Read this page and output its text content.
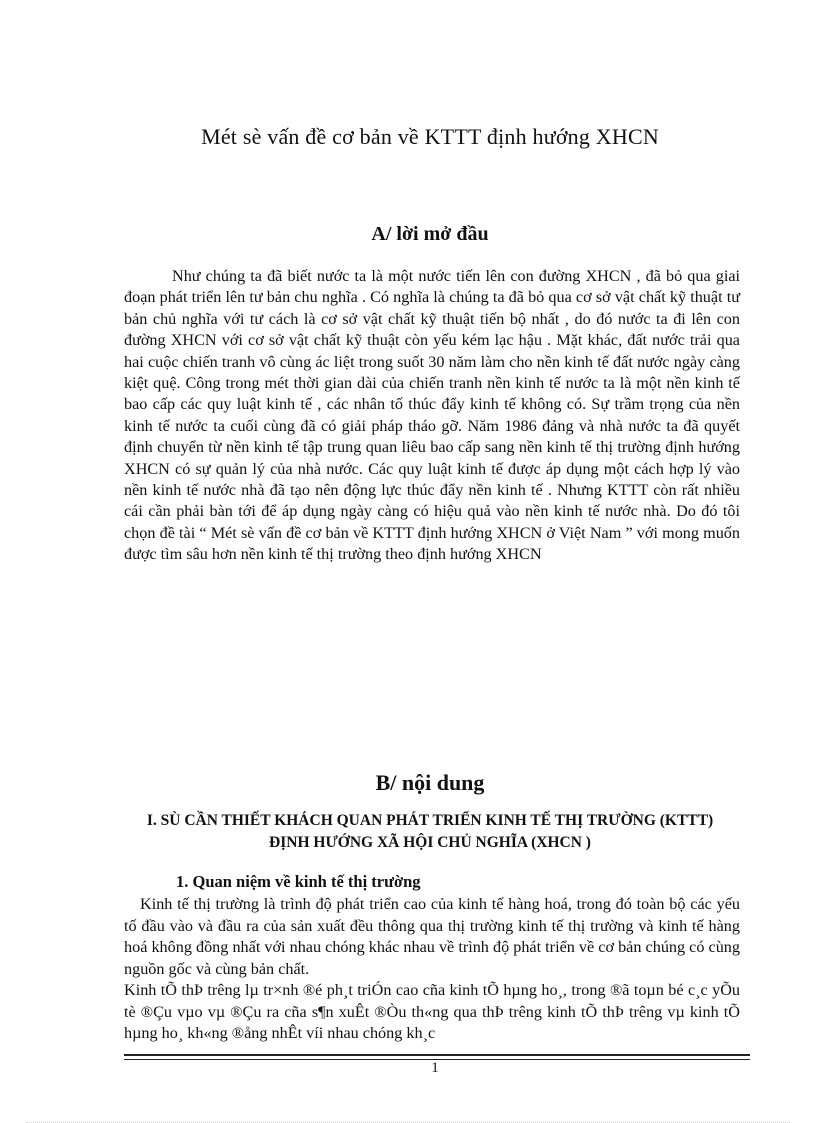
Mét sè vấn đề cơ bản về KTTT định hướng XHCN
A/ lời mở đầu

Như chúng ta đã biết nước ta là một nước tiến lên con đường XHCN , đã bỏ qua giai đoạn phát triển lên tư bản chu nghĩa . Có nghĩa là chúng ta đã bỏ qua cơ sở vật chất kỹ thuật tư bản chủ nghĩa với tư cách là cơ sở vật chất kỹ thuật tiến bộ nhất , do đó nước ta đi lên con đường XHCN với cơ sở vật chất kỹ thuật còn yếu kém lạc hậu . Mặt khác, đất nước trải qua hai cuộc chiến tranh vô cùng ác liệt trong suốt 30 năm làm cho nền kinh tế đất nước ngày càng kiệt quệ. Công trong mét thời gian dài của chiến tranh nền kinh tế nước ta là một nền kinh tế bao cấp các quy luật kinh tế , các nhân tố thúc đẩy kinh tế không có. Sự trầm trọng của nền kinh tế nước ta cuối cùng đã có giải pháp tháo gỡ. Năm 1986 đảng và nhà nước ta đã quyết định chuyển từ nền kinh tế tập trung quan liêu bao cấp sang nền kinh tế thị trường định hướng XHCN có sự quản lý của nhà nước. Các quy luật kinh tế được áp dụng một cách hợp lý vào nền kinh tế nước nhà đã tạo nên động lực thúc đẩy nền kinh tế . Nhưng KTTT còn rất nhiều cái cần phải bàn tới để áp dụng ngày càng có hiệu quả vào nền kinh tế nước nhà. Do đó tôi chọn đề tài “ Mét sè vấn đề cơ bản về KTTT định hướng XHCN ở Việt Nam ” với mong muốn được tìm sâu hơn nền kinh tế thị trường theo định hướng XHCN

B/ nội dung

I. SÙ CẦN THIẾT KHÁCH QUAN PHÁT TRIỂN KINH TẾ THỊ TRƯỜNG (KTTT) ĐỊNH HƯỚNG XÃ HỘI CHỦ NGHĨA (XHCN )

1. Quan niệm về kinh tế thị trường

Kinh tế thị trường là trình độ phát triển cao của kinh tế hàng hoá, trong đó toàn bộ các yếu tố đầu vào và đầu ra của sản xuất đều thông qua thị trường kinh tế thị trường và kinh tế hàng hoá không đồng nhất với nhau chóng khác nhau về trình độ phát triển về cơ bản chúng có cùng nguồn gốc và cùng bản chất.

Kinh tÕ thÞ trêng lµ tr×nh ®é ph¸t triÓn cao cña kinh tÕ hµng ho¸, trong ®ã toµn bé c¸c yÕu tè ®Çu vµo vµ ®Çu ra cña s¶n xuÊt ®Òu th«ng qua thÞ trêng kinh tÕ thÞ trêng vµ kinh tÕ hµng ho¸ kh«ng ®ång nhÊt víi nhau chóng kh¸c

1
